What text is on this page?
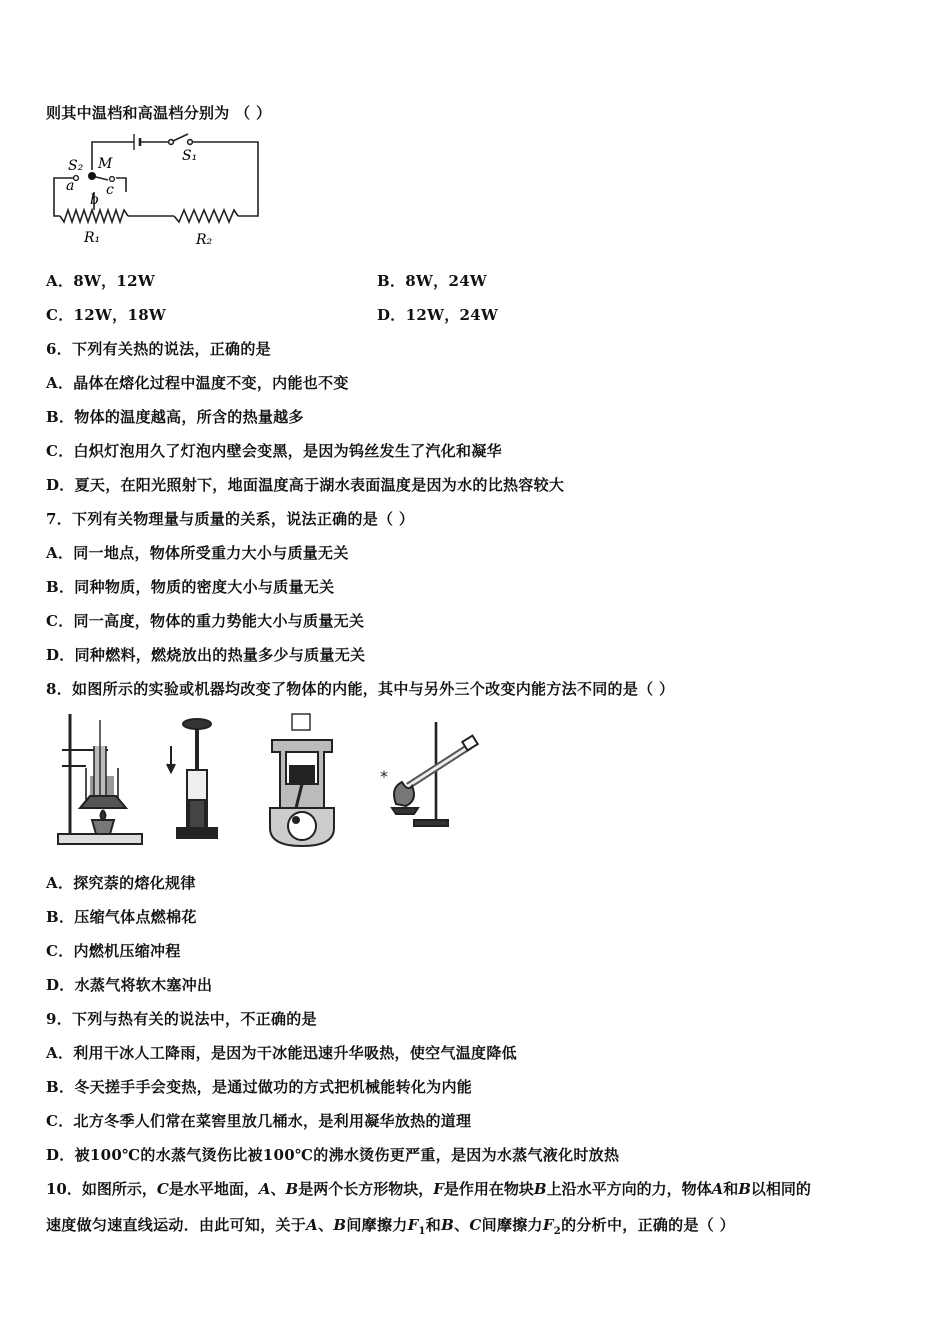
则其中温档和高温档分别为 （ ）
S₁
S₂ M
a c
b
R₁	R₂
A．8W，12W	B．8W，24W
C．12W，18W	D．12W，24W
6．下列有关热的说法，正确的是
A．晶体在熔化过程中温度不变，内能也不变
B．物体的温度越高，所含的热量越多
C．白炽灯泡用久了灯泡内壁会变黑，是因为钨丝发生了汽化和凝华
D．夏天，在阳光照射下，地面温度高于湖水表面温度是因为水的比热容较大
7．下列有关物理量与质量的关系，说法正确的是（ ）
A．同一地点，物体所受重力大小与质量无关
B．同种物质，物质的密度大小与质量无关
C．同一高度，物体的重力势能大小与质量无关
D．同种燃料，燃烧放出的热量多少与质量无关
8．如图所示的实验或机器均改变了物体的内能，其中与另外三个改变内能方法不同的是（ ）
*
A．探究萘的熔化规律
B．压缩气体点燃棉花
C．内燃机压缩冲程
D．水蒸气将软木塞冲出
9．下列与热有关的说法中，不正确的是
A．利用干冰人工降雨，是因为干冰能迅速升华吸热，使空气温度降低
B．冬天搓手手会变热，是通过做功的方式把机械能转化为内能
C．北方冬季人们常在菜窖里放几桶水，是利用凝华放热的道理
D．被100℃的水蒸气烫伤比被100℃的沸水烫伤更严重，是因为水蒸气液化时放热
10．如图所示，C是水平地面，A、B是两个长方形物块，F是作用在物块B上沿水平方向的力，物体A和B以相同的
速度做匀速直线运动．由此可知，关于A、B间摩擦力$F_1$和B、C间摩擦力$F_2$的分析中，正确的是（ ）
